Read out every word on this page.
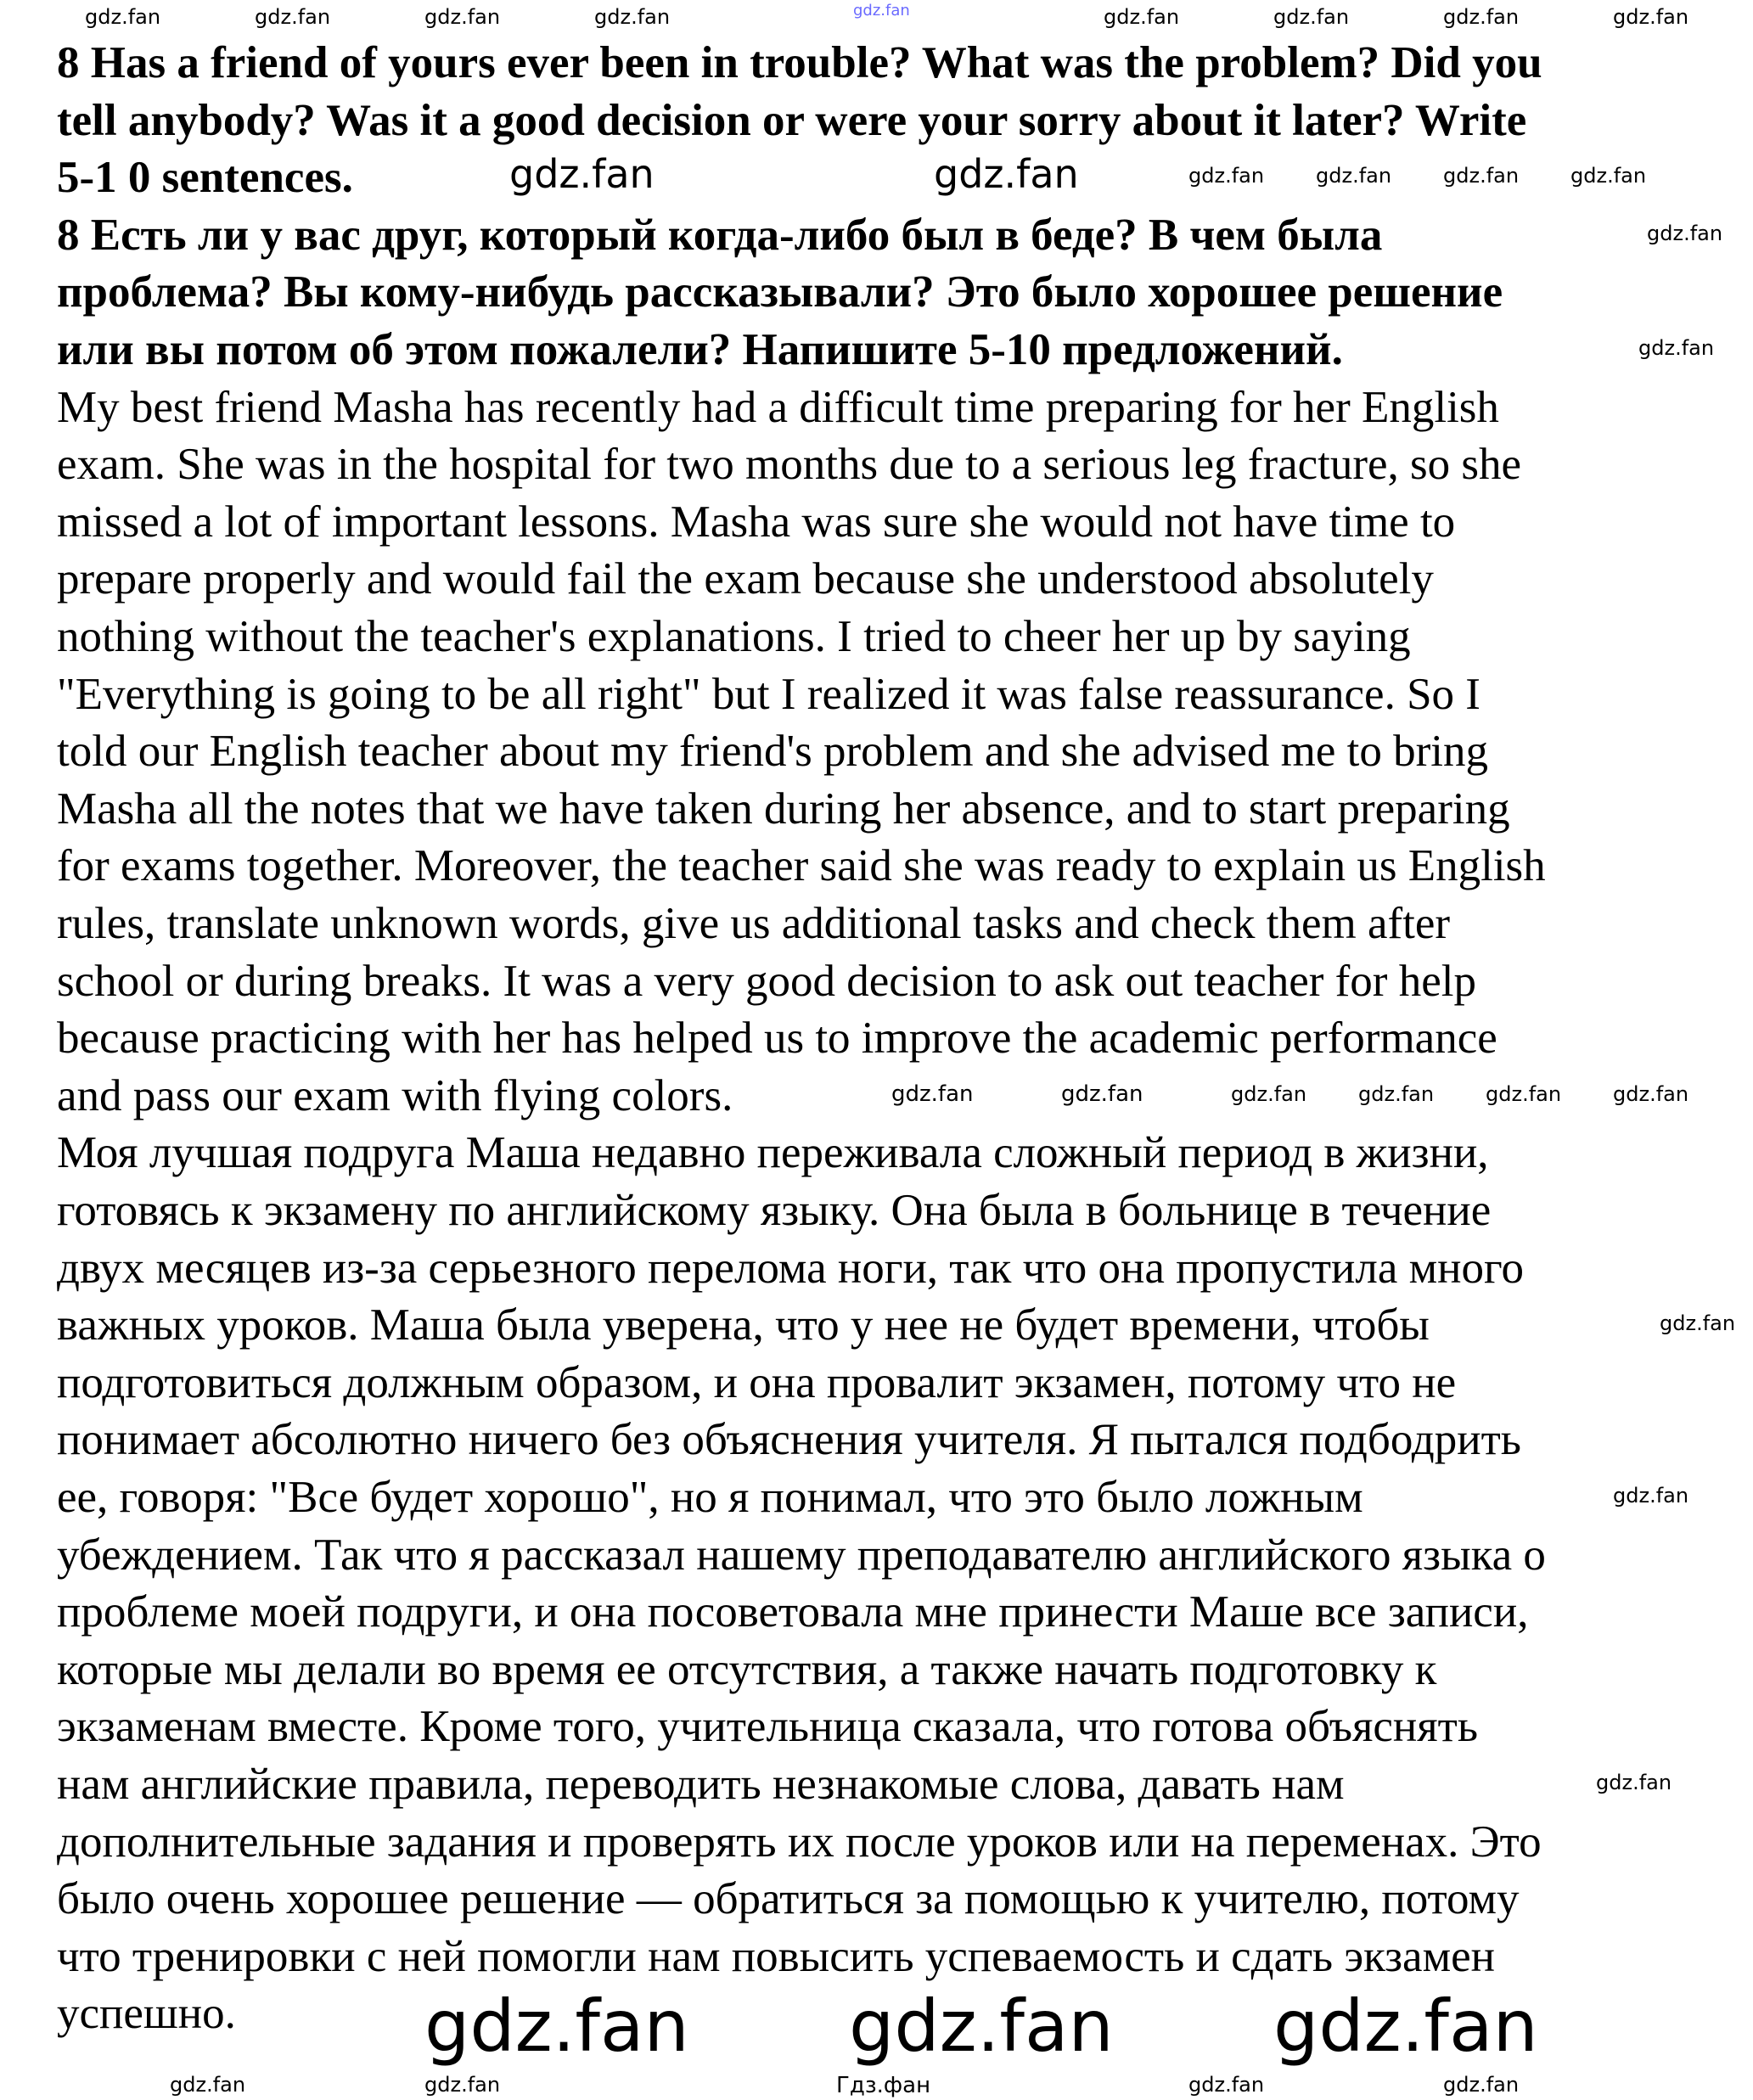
8 Has a friend of yours ever been in trouble? What was the problem? Did you
tell anybody? Was it a good decision or were your sorry about it later? Write
5-1 0 sentences.
8 Есть ли у вас друг, который когда-либо был в беде? В чем была
проблема? Вы кому-нибудь рассказывали? Это было хорошее решение
или вы потом об этом пожалели? Напишите 5-10 предложений.
My best friend Masha has recently had a difficult time preparing for her English
exam. She was in the hospital for two months due to a serious leg fracture, so she
missed a lot of important lessons. Masha was sure she would not have time to
prepare properly and would fail the exam because she understood absolutely
nothing without the teacher's explanations. I tried to cheer her up by saying
"Everything is going to be all right" but I realized it was false reassurance. So I
told our English teacher about my friend's problem and she advised me to bring
Masha all the notes that we have taken during her absence, and to start preparing
for exams together. Moreover, the teacher said she was ready to explain us English
rules, translate unknown words, give us additional tasks and check them after
school or during breaks. It was a very good decision to ask out teacher for help
because practicing with her has helped us to improve the academic performance
and pass our exam with flying colors.
Моя лучшая подруга Маша недавно переживала сложный период в жизни,
готовясь к экзамену по английскому языку. Она была в больнице в течение
двух месяцев из-за серьезного перелома ноги, так что она пропустила много
важных уроков. Маша была уверена, что у нее не будет времени, чтобы
подготовиться должным образом, и она провалит экзамен, потому что не
понимает абсолютно ничего без объяснения учителя. Я пытался подбодрить
ее, говоря: "Все будет хорошо", но я понимал, что это было ложным
убеждением. Так что я рассказал нашему преподавателю английского языка о
проблеме моей подруги, и она посоветовала мне принести Маше все записи,
которые мы делали во время ее отсутствия, а также начать подготовку к
экзаменам вместе. Кроме того, учительница сказала, что готова объяснять
нам английские правила, переводить незнакомые слова, давать нам
дополнительные задания и проверять их после уроков или на переменах. Это
было очень хорошее решение — обратиться за помощью к учителю, потому
что тренировки с ней помогли нам повысить успеваемость и сдать экзамен
успешно.
gdz.fan
Гдз.фан
gdz.fan	gdz.fan	gdz.fan	gdz.fan	gdz.fan	gdz.fan	gdz.fan	gdz.fan
gdz.fan	gdz.fan	gdz.fan	gdz.fan	gdz.fan	gdz.fan
gdz.fan
gdz.fan
gdz.fan	gdz.fan	gdz.fan	gdz.fan	gdz.fan	gdz.fan
gdz.fan
gdz.fan
gdz.fan
gdz.fan gdz.fan gdz.fan
gdz.fan	gdz.fan	gdz.fan	gdz.fan
